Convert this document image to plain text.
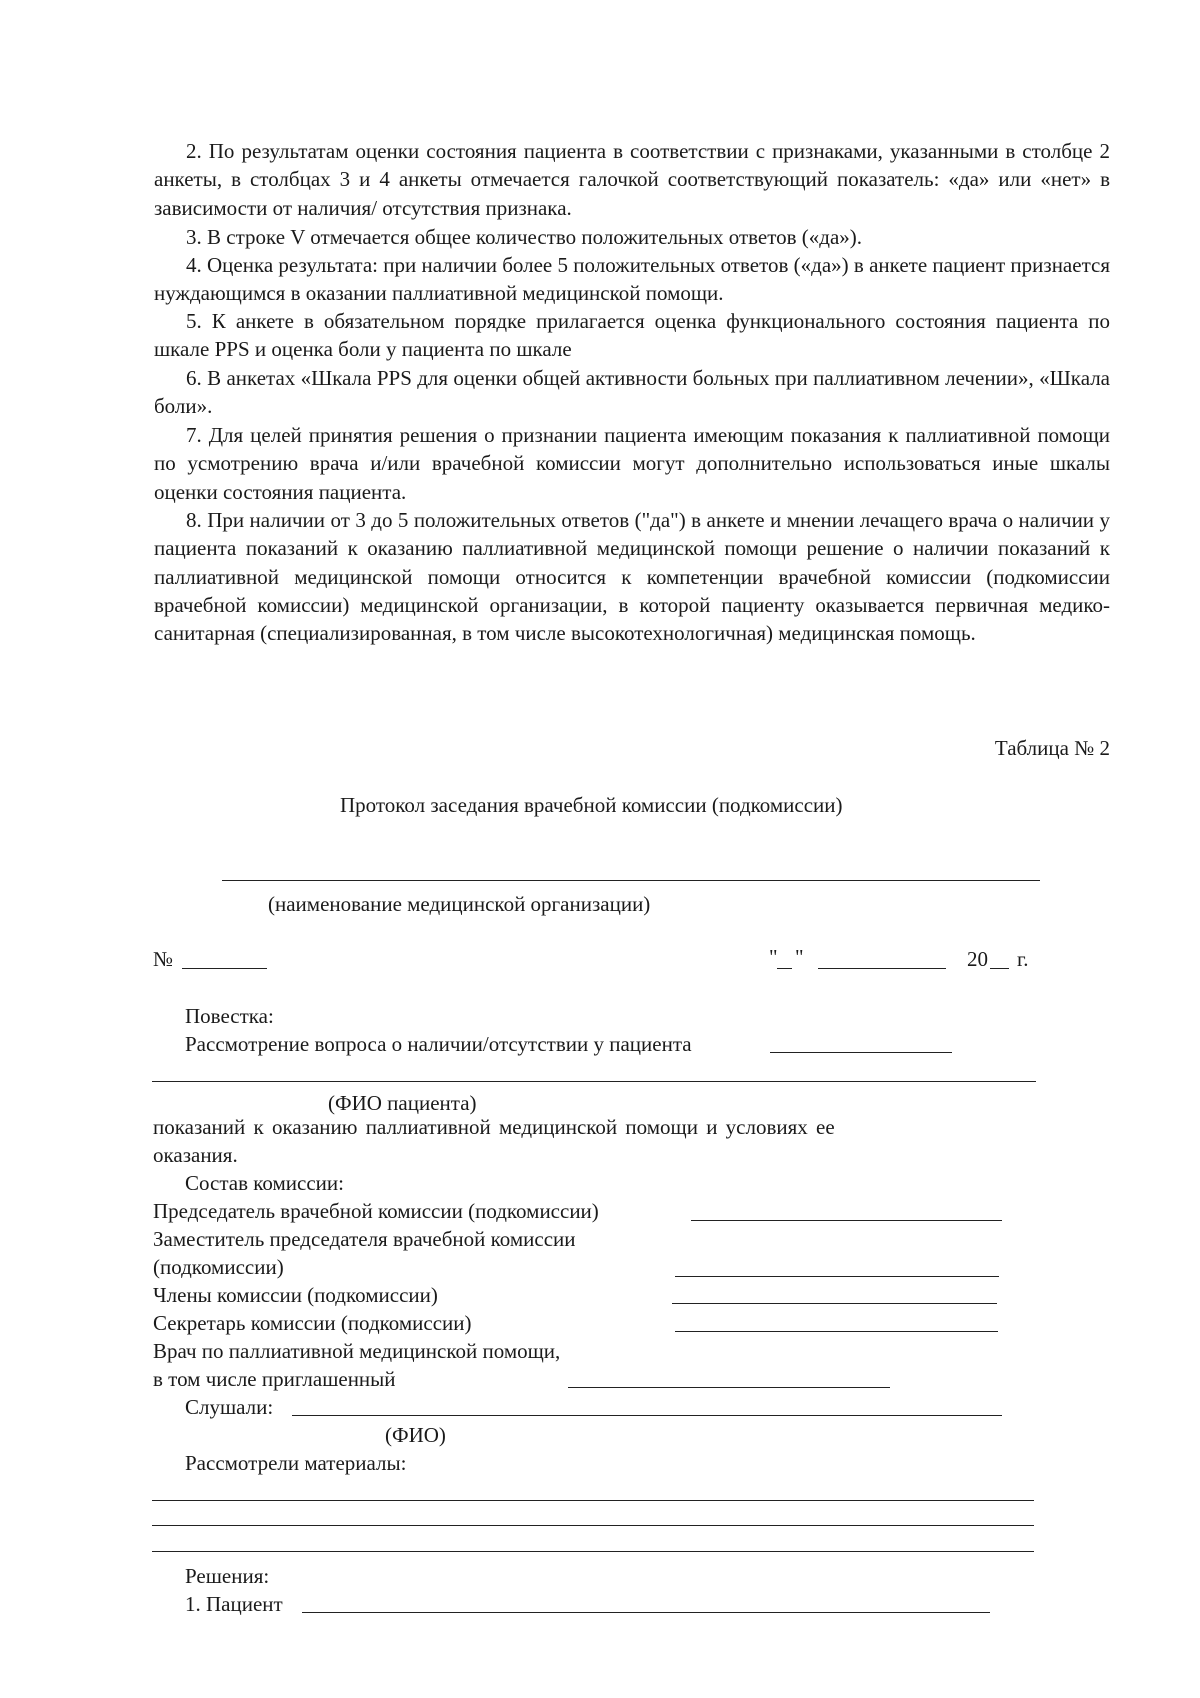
2. По результатам оценки состояния пациента в соответствии с признаками, указанными в столбце 2 анкеты, в столбцах 3 и 4 анкеты отмечается галочкой соответствующий показатель: «да» или «нет» в зависимости от наличия/ отсутствия признака.
3. В строке V отмечается общее количество положительных ответов («да»).
4. Оценка результата: при наличии более 5 положительных ответов («да») в анкете пациент признается нуждающимся в оказании паллиативной медицинской помощи.
5. К анкете в обязательном порядке прилагается оценка функционального состояния пациента по шкале PPS и оценка боли у пациента по шкале
6. В анкетах «Шкала PPS для оценки общей активности больных при паллиативном лечении», «Шкала боли».
7. Для целей принятия решения о признании пациента имеющим показания к паллиативной помощи по усмотрению врача и/или врачебной комиссии могут дополнительно использоваться иные шкалы оценки состояния пациента.
8. При наличии от 3 до 5 положительных ответов ("да") в анкете и мнении лечащего врача о наличии у пациента показаний к оказанию паллиативной медицинской помощи решение о наличии показаний к паллиативной медицинской помощи относится к компетенции врачебной комиссии (подкомиссии врачебной комиссии) медицинской организации, в которой пациенту оказывается первичная медико-санитарная (специализированная, в том числе высокотехнологичная) медицинская помощь.
Таблица № 2
Протокол заседания врачебной комиссии (подкомиссии)
(наименование медицинской организации)
№	" "	20 г.
Повестка:
Рассмотрение вопроса о наличии/отсутствии у пациента
(ФИО пациента)
показаний к оказанию паллиативной медицинской помощи и условиях ее
оказания.
Состав комиссии:
Председатель врачебной комиссии (подкомиссии)
Заместитель председателя врачебной комиссии
(подкомиссии)
Члены комиссии (подкомиссии)
Секретарь комиссии (подкомиссии)
Врач по паллиативной медицинской помощи,
в том числе приглашенный
Слушали:
(ФИО)
Рассмотрели материалы:
Решения:
1. Пациент
